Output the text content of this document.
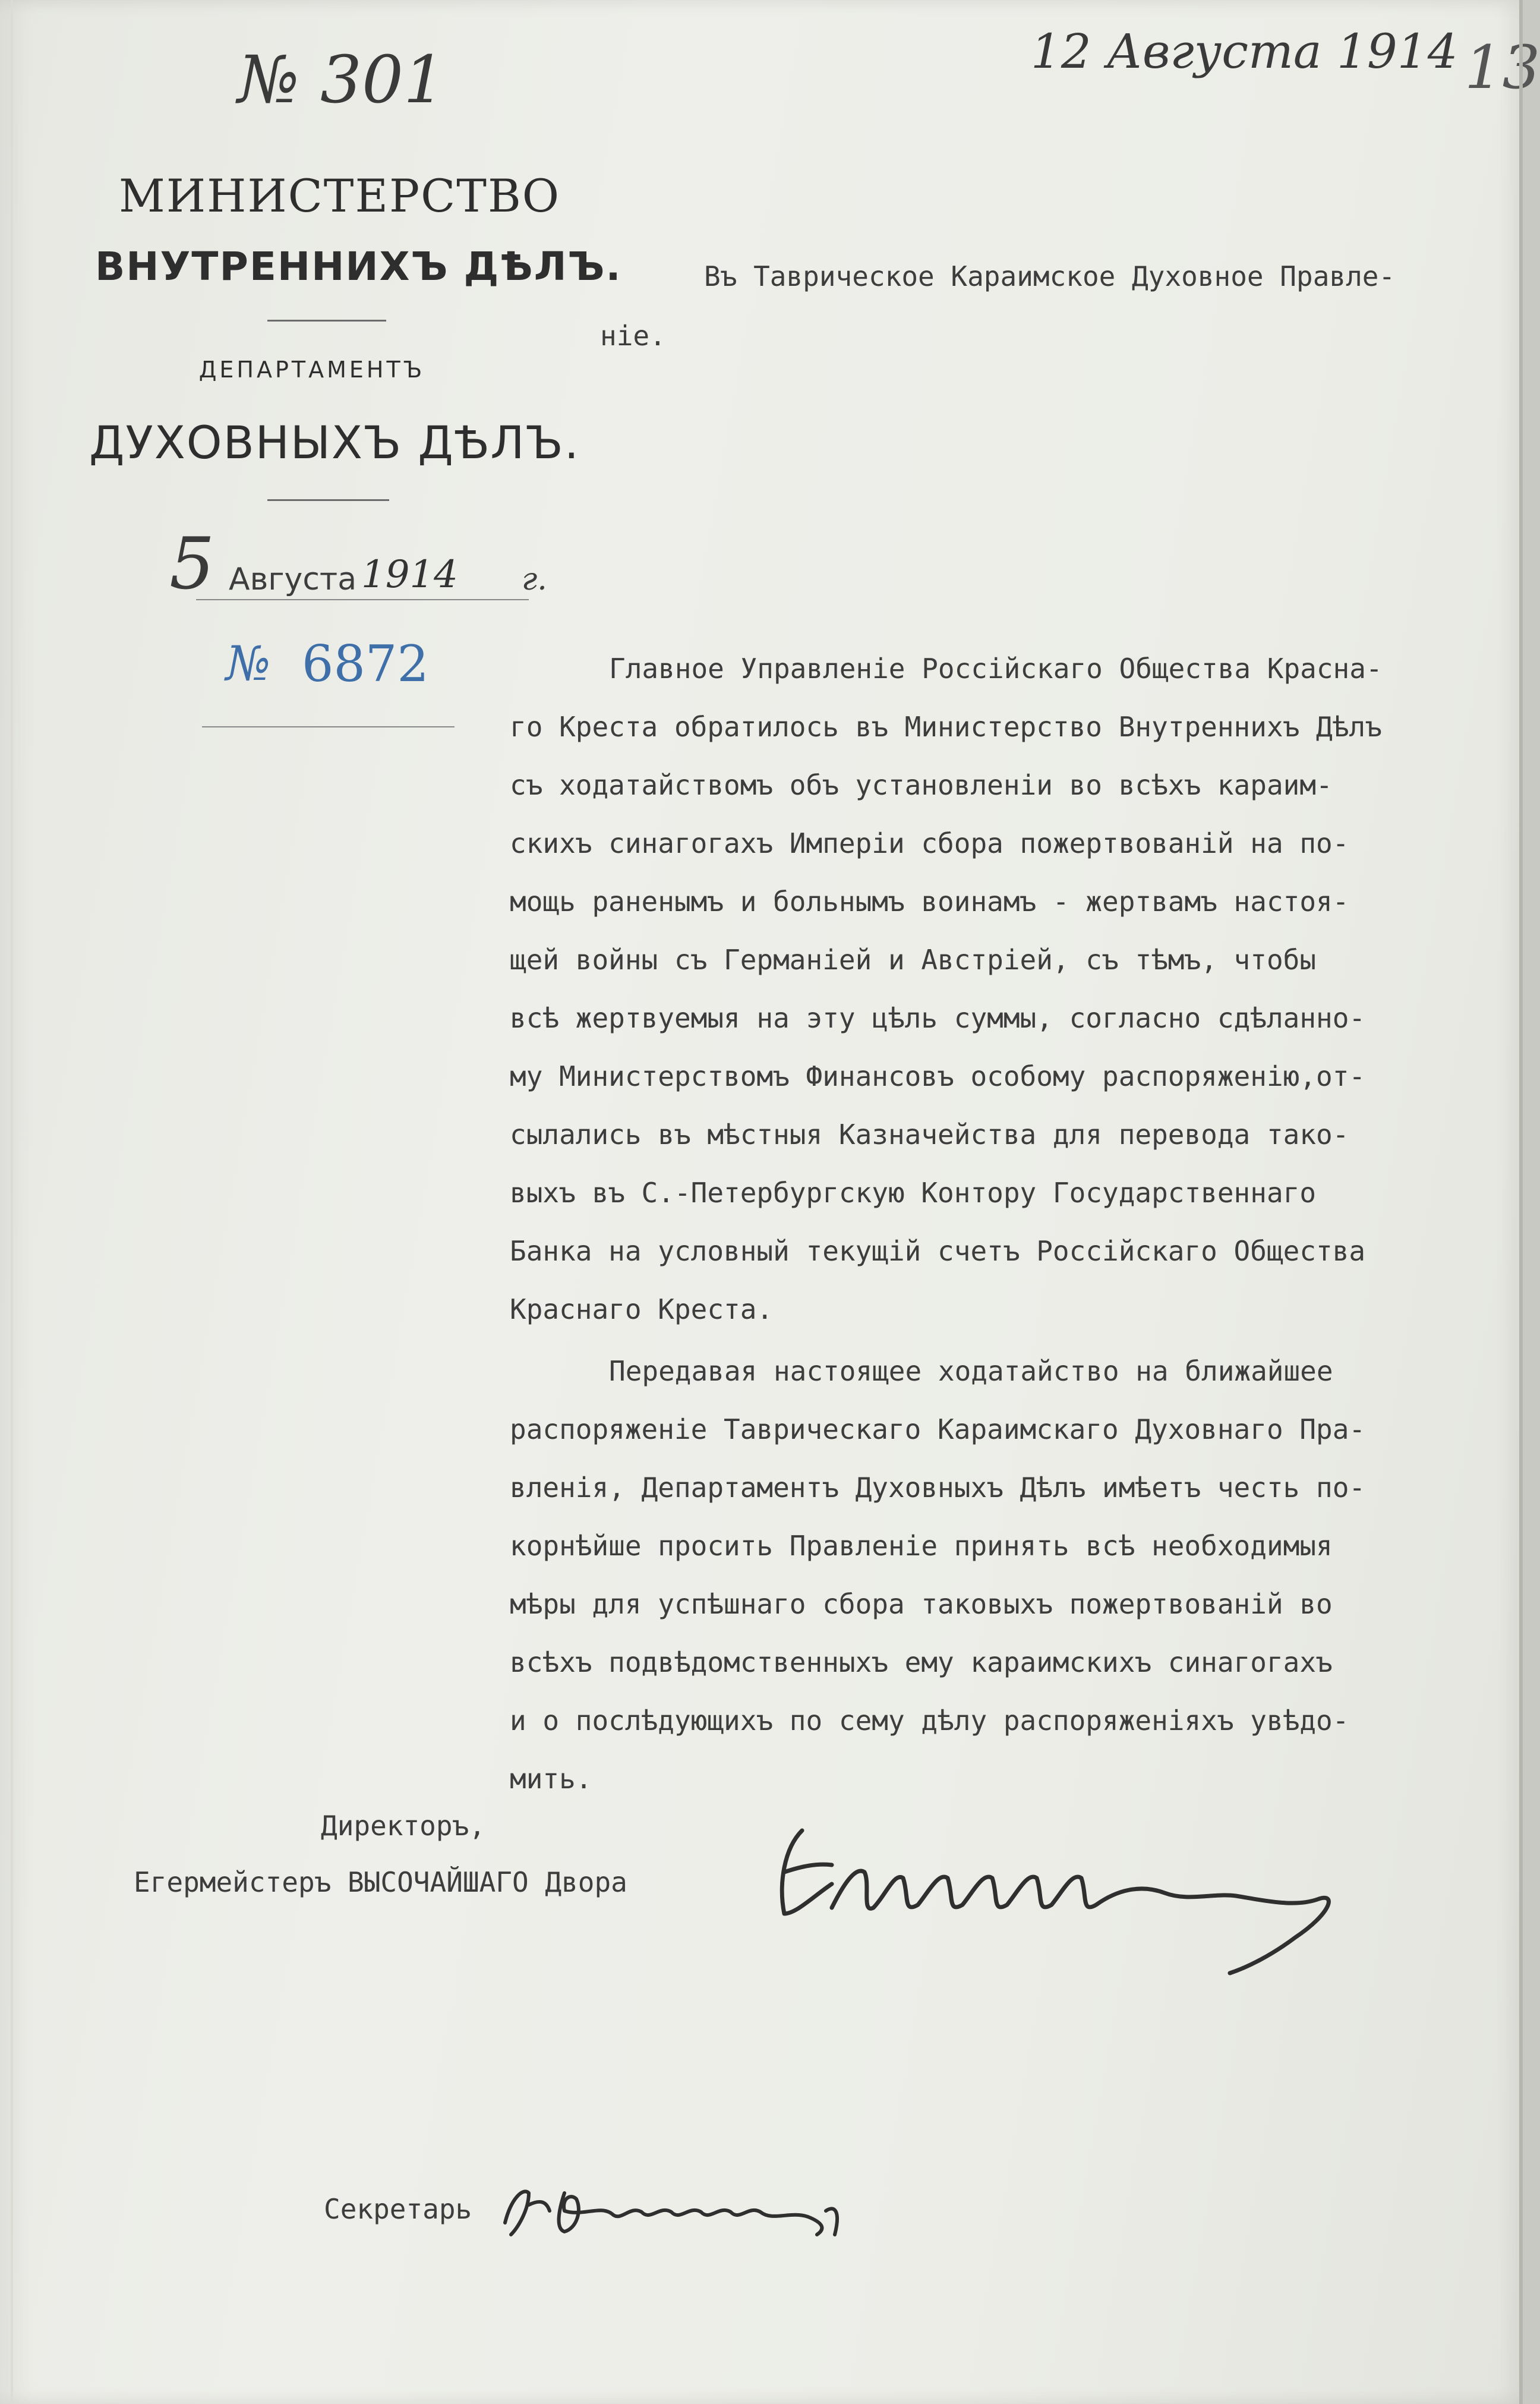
№ 301	12 Августа 1914 13
МИНИСТЕРСТВО
ВНУТРЕННИХЪ ДѢЛЪ.
ДЕПАРТАМЕНТЪ
ДУХОВНЫХЪ ДѢЛЪ.
5 Августа 1914 г.
№ 6872
Въ Таврическое Караимское Духовное Правле-
ніе.
Главное Управленіе Россійскаго Общества Красна-
го Креста обратилось въ Министерство Внутреннихъ Дѣлъ
съ ходатайствомъ объ установленіи во всѣхъ караим-
скихъ синагогахъ Имперіи сбора пожертвованій на по-
мощь раненымъ и больнымъ воинамъ - жертвамъ настоя-
щей войны съ Германіей и Австріей, съ тѣмъ, чтобы
всѣ жертвуемыя на эту цѣль суммы, согласно сдѣланно-
му Министерствомъ Финансовъ особому распоряженію,от-
сылались въ мѣстныя Казначейства для перевода тако-
выхъ въ С.-Петербургскую Контору Государственнаго
Банка на условный текущій счетъ Россійскаго Общества
Краснаго Креста.
Передавая настоящее ходатайство на ближайшее
распоряженіе Таврическаго Караимскаго Духовнаго Пра-
вленія, Департаментъ Духовныхъ Дѣлъ имѣетъ честь по-
корнѣйше просить Правленіе принять всѣ необходимыя
мѣры для успѣшнаго сбора таковыхъ пожертвованій во
всѣхъ подвѣдомственныхъ ему караимскихъ синагогахъ
и о послѣдующихъ по сему дѣлу распоряженіяхъ увѣдо-
мить.
Директоръ,
Егермейстеръ ВЫСОЧАЙШАГО Двора
Секретарь
